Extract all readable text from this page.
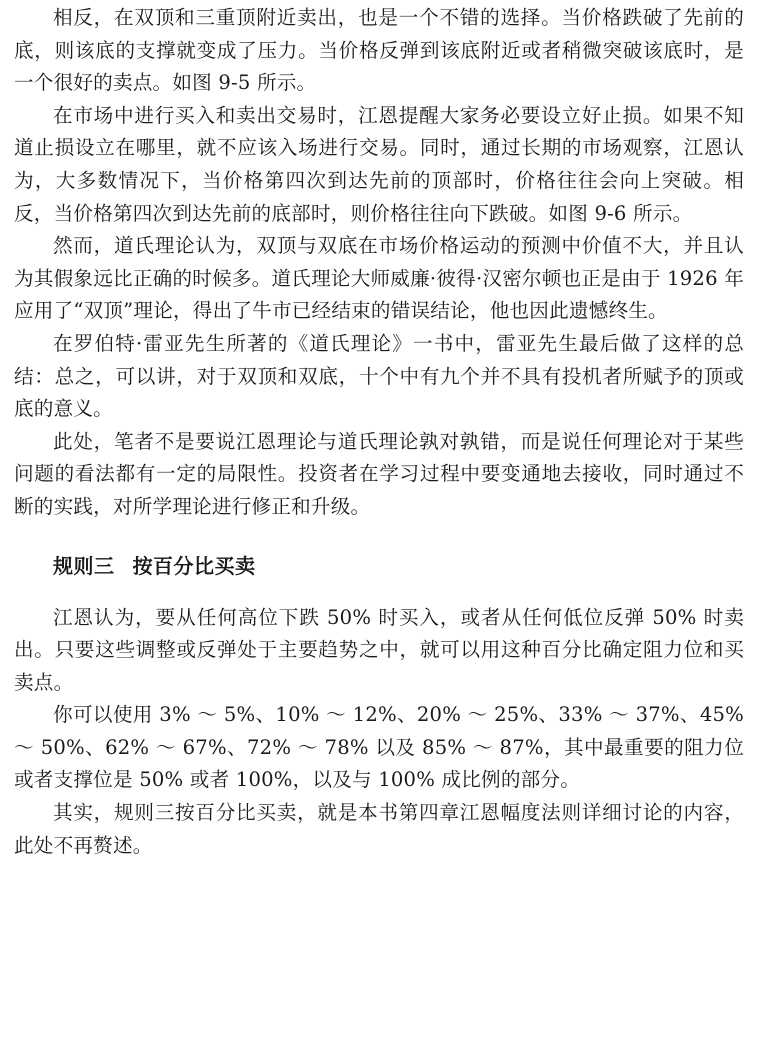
相反，在双顶和三重顶附近卖出，也是一个不错的选择。当价格跌破了先前的底，则该底的支撑就变成了压力。当价格反弹到该底附近或者稍微突破该底时，是一个很好的卖点。如图 9-5 所示。

在市场中进行买入和卖出交易时，江恩提醒大家务必要设立好止损。如果不知道止损设立在哪里，就不应该入场进行交易。同时，通过长期的市场观察，江恩认为，大多数情况下，当价格第四次到达先前的顶部时，价格往往会向上突破。相反，当价格第四次到达先前的底部时，则价格往往向下跌破。如图 9-6 所示。

然而，道氏理论认为，双顶与双底在市场价格运动的预测中价值不大，并且认为其假象远比正确的时候多。道氏理论大师威廉·彼得·汉密尔顿也正是由于 1926 年应用了“双顶”理论，得出了牛市已经结束的错误结论，他也因此遗憾终生。

在罗伯特·雷亚先生所著的《道氏理论》一书中，雷亚先生最后做了这样的总结：总之，可以讲，对于双顶和双底，十个中有九个并不具有投机者所赋予的顶或底的意义。

此处，笔者不是要说江恩理论与道氏理论孰对孰错，而是说任何理论对于某些问题的看法都有一定的局限性。投资者在学习过程中要变通地去接收，同时通过不断的实践，对所学理论进行修正和升级。

规则三 按百分比买卖

江恩认为，要从任何高位下跌 50% 时买入，或者从任何低位反弹 50% 时卖出。只要这些调整或反弹处于主要趋势之中，就可以用这种百分比确定阻力位和买卖点。

你可以使用 3% ～ 5%、10% ～ 12%、20% ～ 25%、33% ～ 37%、45% ～ 50%、62% ～ 67%、72% ～ 78% 以及 85% ～ 87%，其中最重要的阻力位或者支撑位是 50% 或者 100%，以及与 100% 成比例的部分。

其实，规则三按百分比买卖，就是本书第四章江恩幅度法则详细讨论的内容，此处不再赘述。
